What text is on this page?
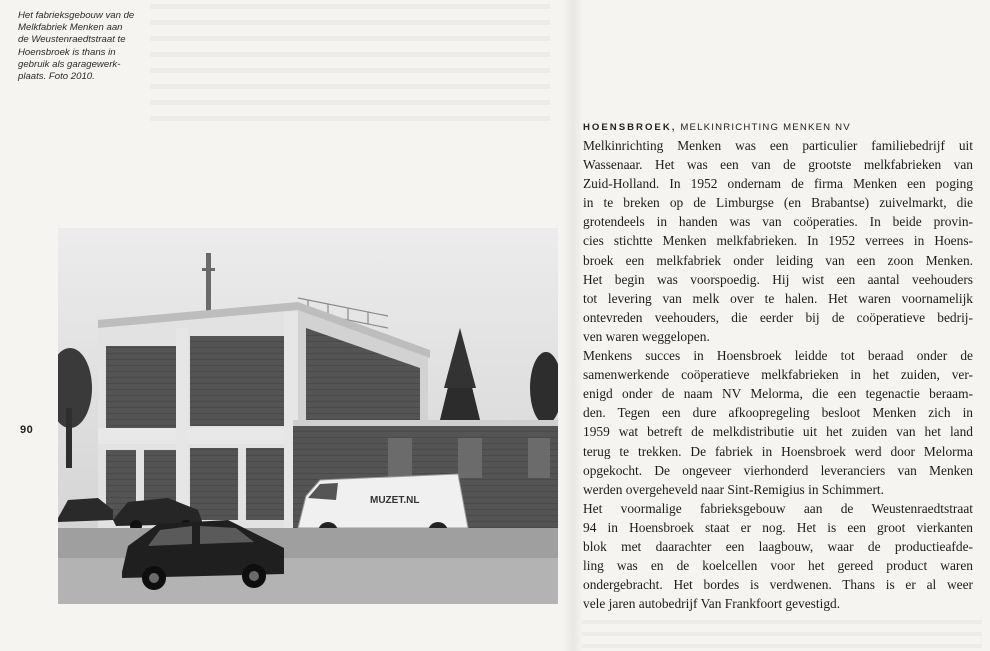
Het fabrieksgebouw van de
Melkfabriek Menken aan
de Weustenraedtstraat te
Hoensbroek is thans in
gebruik als garagewerk-
plaats. Foto 2010.
90
MUZET.NL
HOENSBROEK, MELKINRICHTING MENKEN NV
Melkinrichting Menken was een particulier familiebedrijf uit
Wassenaar. Het was een van de grootste melkfabrieken van
Zuid-Holland. In 1952 ondernam de firma Menken een poging
in te breken op de Limburgse (en Brabantse) zuivelmarkt, die
grotendeels in handen was van coöperaties. In beide provin-
cies stichtte Menken melkfabrieken. In 1952 verrees in Hoens-
broek een melkfabriek onder leiding van een zoon Menken.
Het begin was voorspoedig. Hij wist een aantal veehouders
tot levering van melk over te halen. Het waren voornamelijk
ontevreden veehouders, die eerder bij de coöperatieve bedrij-
ven waren weggelopen.
Menkens succes in Hoensbroek leidde tot beraad onder de
samenwerkende coöperatieve melkfabrieken in het zuiden, ver-
enigd onder de naam NV Melorma, die een tegenactie beraam-
den. Tegen een dure afkoopregeling besloot Menken zich in
1959 wat betreft de melkdistributie uit het zuiden van het land
terug te trekken. De fabriek in Hoensbroek werd door Melorma
opgekocht. De ongeveer vierhonderd leveranciers van Menken
werden overgeheveld naar Sint-Remigius in Schimmert.
Het voormalige fabrieksgebouw aan de Weustenraedtstraat
94 in Hoensbroek staat er nog. Het is een groot vierkanten
blok met daarachter een laagbouw, waar de productieafde-
ling was en de koelcellen voor het gereed product waren
ondergebracht. Het bordes is verdwenen. Thans is er al weer
vele jaren autobedrijf Van Frankfoort gevestigd.
